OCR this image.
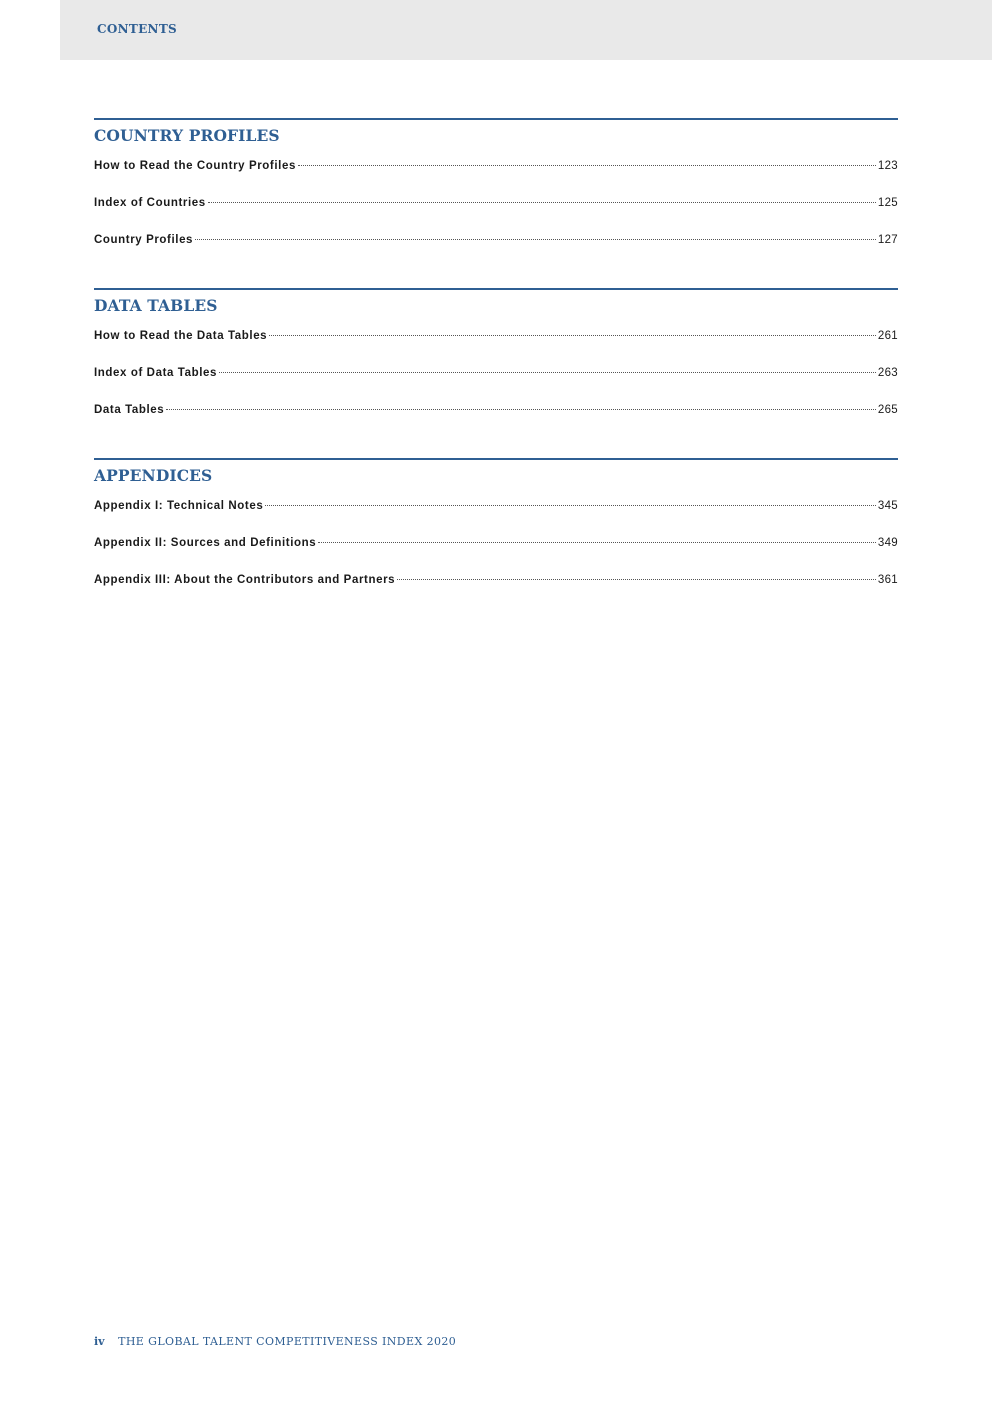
CONTENTS
COUNTRY PROFILES
How to Read the Country Profiles	123
Index of Countries	125
Country Profiles	127
DATA TABLES
How to Read the Data Tables	261
Index of Data Tables	263
Data Tables	265
APPENDICES
Appendix I: Technical Notes	345
Appendix II: Sources and Definitions	349
Appendix III: About the Contributors and Partners	361
iv THE GLOBAL TALENT COMPETITIVENESS INDEX 2020
